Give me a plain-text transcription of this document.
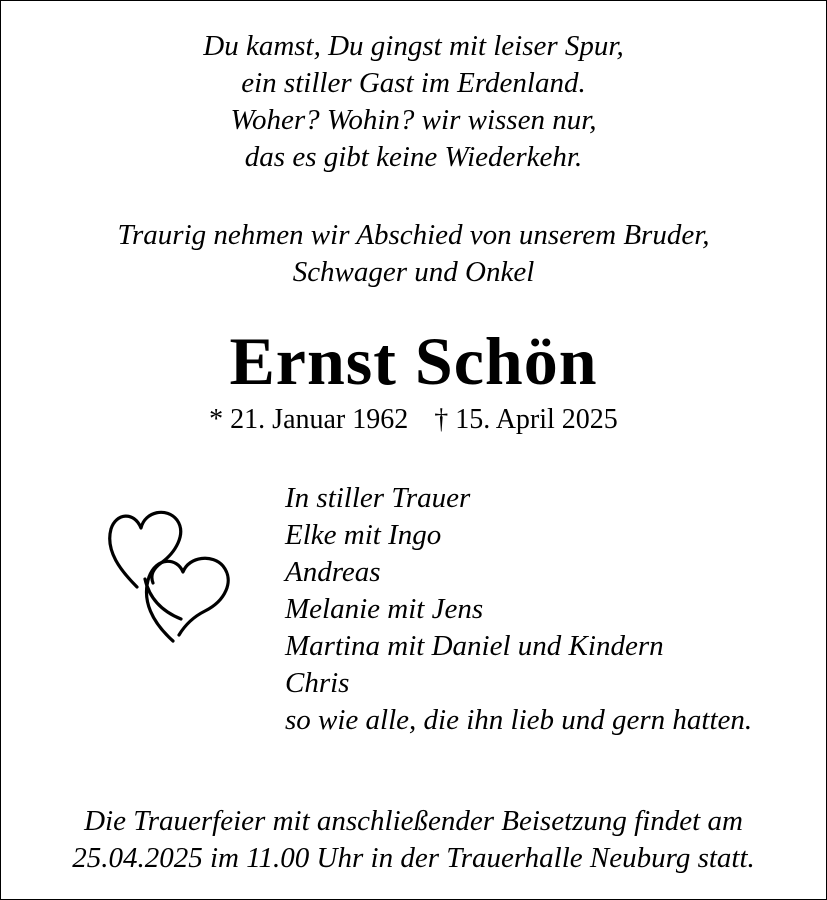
Du kamst, Du gingst mit leiser Spur,
ein stiller Gast im Erdenland.
Woher? Wohin? wir wissen nur,
das es gibt keine Wiederkehr.
Traurig nehmen wir Abschied von unserem Bruder,
Schwager und Onkel
Ernst Schön
* 21. Januar 1962 † 15. April 2025
In stiller Trauer
Elke mit Ingo
Andreas
Melanie mit Jens
Martina mit Daniel und Kindern
Chris
so wie alle, die ihn lieb und gern hatten.
Die Trauerfeier mit anschließender Beisetzung findet am
25.04.2025 im 11.00 Uhr in der Trauerhalle Neuburg statt.
